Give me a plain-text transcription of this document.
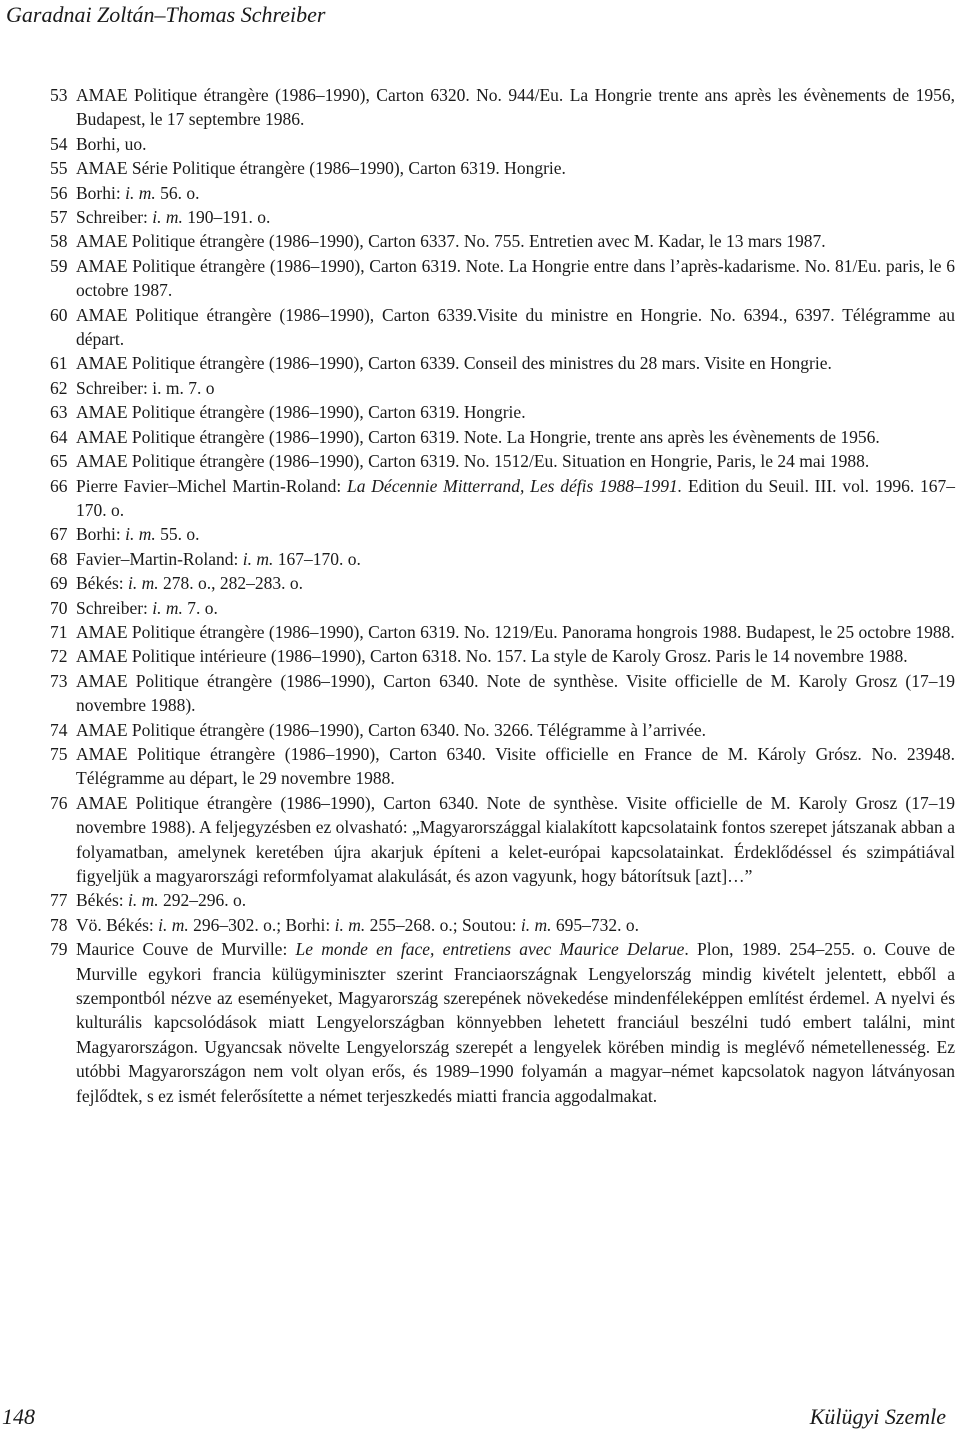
Garadnai Zoltán–Thomas Schreiber
53 AMAE Politique étrangère (1986–1990), Carton 6320. No. 944/Eu. La Hongrie trente ans après les évènements de 1956, Budapest, le 17 septembre 1986.
54 Borhi, uo.
55 AMAE Série Politique étrangère (1986–1990), Carton 6319. Hongrie.
56 Borhi: i. m. 56. o.
57 Schreiber: i. m. 190–191. o.
58 AMAE Politique étrangère (1986–1990), Carton 6337. No. 755. Entretien avec M. Kadar, le 13 mars 1987.
59 AMAE Politique étrangère (1986–1990), Carton 6319. Note. La Hongrie entre dans l’après-kadarisme. No. 81/Eu. paris, le 6 octobre 1987.
60 AMAE Politique étrangère (1986–1990), Carton 6339.Visite du ministre en Hongrie. No. 6394., 6397. Télégramme au départ.
61 AMAE Politique étrangère (1986–1990), Carton 6339. Conseil des ministres du 28 mars. Visite en Hongrie.
62 Schreiber: i. m. 7. o
63 AMAE Politique étrangère (1986–1990), Carton 6319. Hongrie.
64 AMAE Politique étrangère (1986–1990), Carton 6319. Note. La Hongrie, trente ans après les évènements de 1956.
65 AMAE Politique étrangère (1986–1990), Carton 6319. No. 1512/Eu. Situation en Hongrie, Paris, le 24 mai 1988.
66 Pierre Favier–Michel Martin-Roland: La Décennie Mitterrand, Les défis 1988–1991. Edition du Seuil. III. vol. 1996. 167–170. o.
67 Borhi: i. m. 55. o.
68 Favier–Martin-Roland: i. m. 167–170. o.
69 Békés: i. m. 278. o., 282–283. o.
70 Schreiber: i. m. 7. o.
71 AMAE Politique étrangère (1986–1990), Carton 6319. No. 1219/Eu. Panorama hongrois 1988. Budapest, le 25 octobre 1988.
72 AMAE Politique intérieure (1986–1990), Carton 6318. No. 157. La style de Karoly Grosz. Paris le 14 novembre 1988.
73 AMAE Politique étrangère (1986–1990), Carton 6340. Note de synthèse. Visite officielle de M. Karoly Grosz (17–19 novembre 1988).
74 AMAE Politique étrangère (1986–1990), Carton 6340. No. 3266. Télégramme à l’arrivée.
75 AMAE Politique étrangère (1986–1990), Carton 6340. Visite officielle en France de M. Károly Grósz. No. 23948. Télégramme au départ, le 29 novembre 1988.
76 AMAE Politique étrangère (1986–1990), Carton 6340. Note de synthèse. Visite officielle de M. Karoly Grosz (17–19 novembre 1988). A feljegyzésben ez olvasható: „Magyarországgal kialakított kapcsolataink fontos szerepet játszanak abban a folyamatban, amelynek keretében újra akarjuk építeni a kelet-európai kapcsolatainkat. Érdeklődéssel és szimpátiával figyeljük a magyarországi reformfolyamat alakulását, és azon vagyunk, hogy bátorítsuk [azt]…”
77 Békés: i. m. 292–296. o.
78 Vö. Békés: i. m. 296–302. o.; Borhi: i. m. 255–268. o.; Soutou: i. m. 695–732. o.
79 Maurice Couve de Murville: Le monde en face, entretiens avec Maurice Delarue. Plon, 1989. 254–255. o. Couve de Murville egykori francia külügyminiszter szerint Franciaországnak Lengyelország mindig kivételt jelentett, ebből a szempontból nézve az eseményeket, Magyarország szerepének növekedése mindenféleképpen említést érdemel. A nyelvi és kulturális kapcsolódások miatt Lengyelországban könnyebben lehetett franciául beszélni tudó embert találni, mint Magyarországon. Ugyancsak növelte Lengyelország szerepét a lengyelek körében mindig is meglévő németellenesség. Ez utóbbi Magyarországon nem volt olyan erős, és 1989–1990 folyamán a magyar–német kapcsolatok nagyon látványosan fejlődtek, s ez ismét felerősítette a német terjeszkedés miatti francia aggodalmakat.
148	Külügyi Szemle
